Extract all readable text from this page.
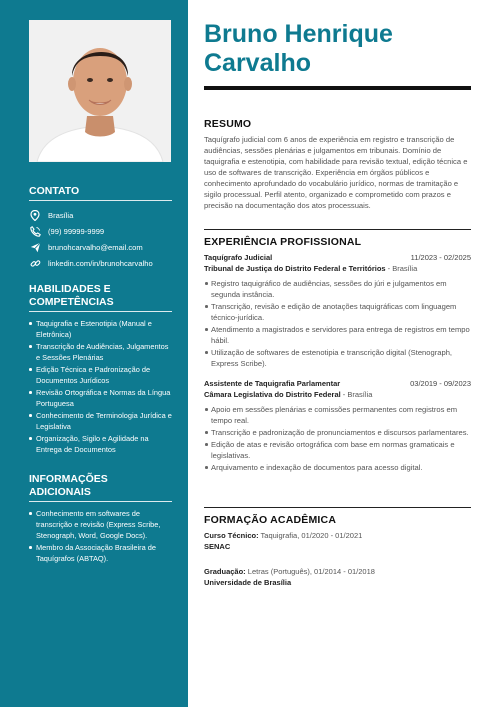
CONTATO
Brasília
(99) 99999-9999
brunohcarvalho@email.com
linkedin.com/in/brunohcarvalho
HABILIDADES E
COMPETÊNCIAS
Taquigrafia e Estenotipia (Manual e Eletrônica)
Transcrição de Audiências, Julgamentos e Sessões Plenárias
Edição Técnica e Padronização de Documentos Jurídicos
Revisão Ortográfica e Normas da Língua Portuguesa
Conhecimento de Terminologia Jurídica e Legislativa
Organização, Sigilo e Agilidade na Entrega de Documentos
INFORMAÇÕES ADICIONAIS
Conhecimento em softwares de transcrição e revisão (Express Scribe, Stenograph, Word, Google Docs).
Membro da Associação Brasileira de Taquígrafos (ABTAQ).
Bruno Henrique
Carvalho
RESUMO
Taquígrafo judicial com 6 anos de experiência em registro e transcrição de audiências, sessões plenárias e julgamentos em tribunais. Domínio de taquigrafia e estenotipia, com habilidade para revisão textual, edição técnica e uso de softwares de transcrição. Experiência em órgãos públicos e conhecimento aprofundado do vocabulário jurídico, normas de tramitação e sigilo processual. Perfil atento, organizado e comprometido com prazos e precisão na documentação dos atos processuais.
EXPERIÊNCIA PROFISSIONAL
Taquígrafo Judicial	11/2023 - 02/2025
Tribunal de Justiça do Distrito Federal e Territórios - Brasília
Registro taquigráfico de audiências, sessões do júri e julgamentos em segunda instância.
Transcrição, revisão e edição de anotações taquigráficas com linguagem técnico-jurídica.
Atendimento a magistrados e servidores para entrega de registros em tempo hábil.
Utilização de softwares de estenotipia e transcrição digital (Stenograph, Express Scribe).
Assistente de Taquigrafia Parlamentar	03/2019 - 09/2023
Câmara Legislativa do Distrito Federal - Brasília
Apoio em sessões plenárias e comissões permanentes com registros em tempo real.
Transcrição e padronização de pronunciamentos e discursos parlamentares.
Edição de atas e revisão ortográfica com base em normas gramaticais e legislativas.
Arquivamento e indexação de documentos para acesso digital.
FORMAÇÃO ACADÊMICA
Curso Técnico: Taquigrafia, 01/2020 - 01/2021
SENAC
Graduação: Letras (Português), 01/2014 - 01/2018
Universidade de Brasília
